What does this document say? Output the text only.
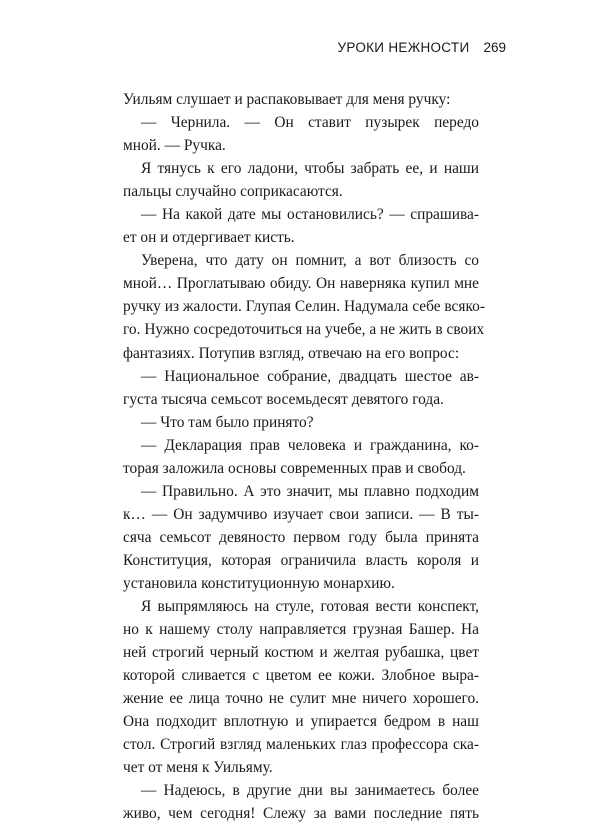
УРОКИ НЕЖНОСТИ 269
Уильям слушает и распаковывает для меня ручку:
— Чернила. — Он ставит пузырек передо
мной. — Ручка.
Я тянусь к его ладони, чтобы забрать ее, и наши
пальцы случайно соприкасаются.
— На какой дате мы остановились? — спрашива-
ет он и отдергивает кисть.
Уверена, что дату он помнит, а вот близость со
мной… Проглатываю обиду. Он наверняка купил мне
ручку из жалости. Глупая Селин. Надумала себе всяко-
го. Нужно сосредоточиться на учебе, а не жить в своих
фантазиях. Потупив взгляд, отвечаю на его вопрос:
— Национальное собрание, двадцать шестое ав-
густа тысяча семьсот восемьдесят девятого года.
— Что там было принято?
— Декларация прав человека и гражданина, ко-
торая заложила основы современных прав и свобод.
— Правильно. А это значит, мы плавно подходим
к… — Он задумчиво изучает свои записи. — В ты-
сяча семьсот девяносто первом году была принята
Конституция, которая ограничила власть короля и
установила конституционную монархию.
Я выпрямляюсь на стуле, готовая вести конспект,
но к нашему столу направляется грузная Башер. На
ней строгий черный костюм и желтая рубашка, цвет
которой сливается с цветом ее кожи. Злобное выра-
жение ее лица точно не сулит мне ничего хорошего.
Она подходит вплотную и упирается бедром в наш
стол. Строгий взгляд маленьких глаз профессора ска-
чет от меня к Уильяму.
— Надеюсь, в другие дни вы занимаетесь более
живо, чем сегодня! Слежу за вами последние пять
